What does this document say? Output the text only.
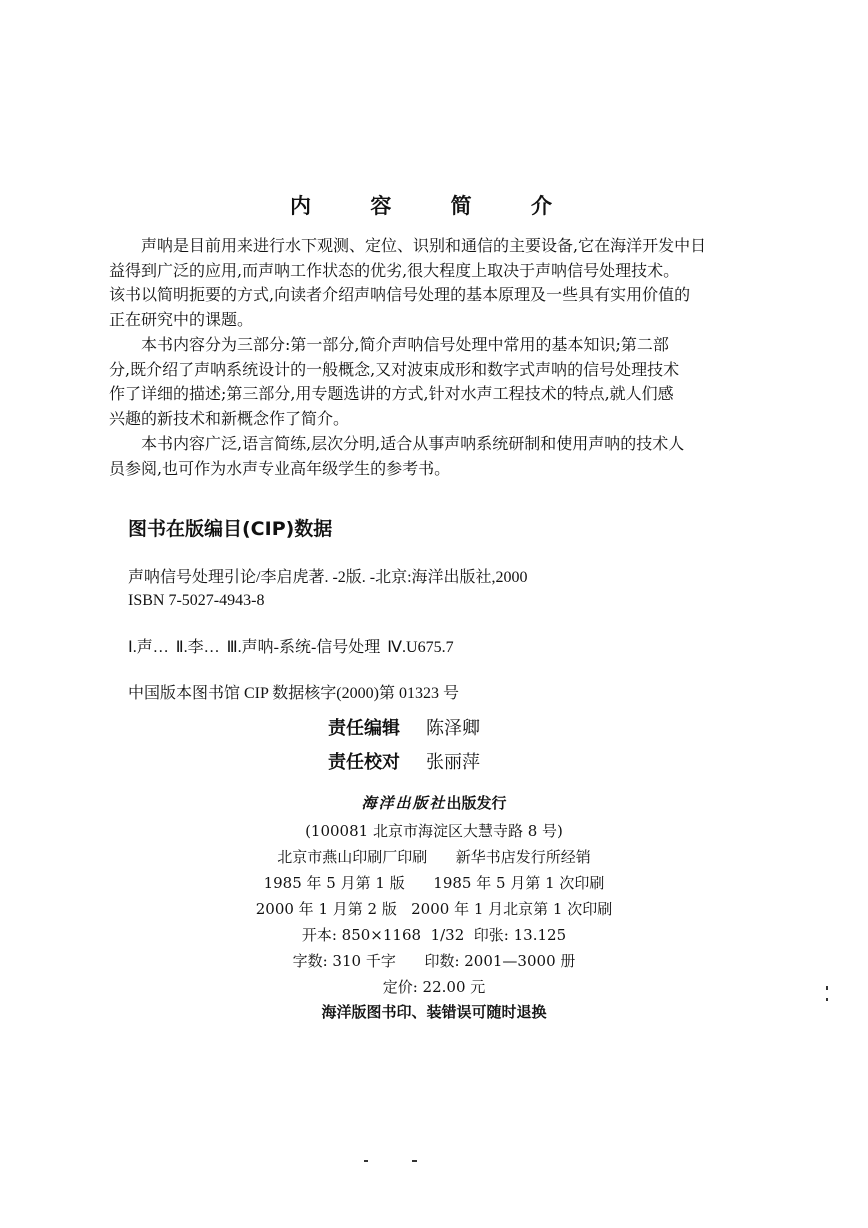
内 容 简 介
声呐是目前用来进行水下观测、定位、识别和通信的主要设备,它在海洋开发中日
益得到广泛的应用,而声呐工作状态的优劣,很大程度上取决于声呐信号处理技术。
该书以简明扼要的方式,向读者介绍声呐信号处理的基本原理及一些具有实用价值的
正在研究中的课题。
本书内容分为三部分:第一部分,简介声呐信号处理中常用的基本知识;第二部
分,既介绍了声呐系统设计的一般概念,又对波束成形和数字式声呐的信号处理技术
作了详细的描述;第三部分,用专题选讲的方式,针对水声工程技术的特点,就人们感
兴趣的新技术和新概念作了简介。
本书内容广泛,语言简练,层次分明,适合从事声呐系统研制和使用声呐的技术人
员参阅,也可作为水声专业高年级学生的参考书。
图书在版编目(CIP)数据
声呐信号处理引论/李启虎著. -2版. -北京:海洋出版社,2000
ISBN 7-5027-4943-8
Ⅰ.声… Ⅱ.李… Ⅲ.声呐-系统-信号处理 Ⅳ.U675.7
中国版本图书馆 CIP 数据核字(2000)第 01323 号
责任编辑 陈泽卿
责任校对 张丽萍
海洋出版社出版发行
(100081 北京市海淀区大慧寺路 8 号)
北京市燕山印刷厂印刷      新华书店发行所经销
1985 年 5 月第 1 版      1985 年 5 月第 1 次印刷
2000 年 1 月第 2 版   2000 年 1 月北京第 1 次印刷
开本: 850×1168  1/32  印张: 13.125
字数: 310 千字      印数: 2001—3000 册
定价: 22.00 元
海洋版图书印、装错误可随时退换
